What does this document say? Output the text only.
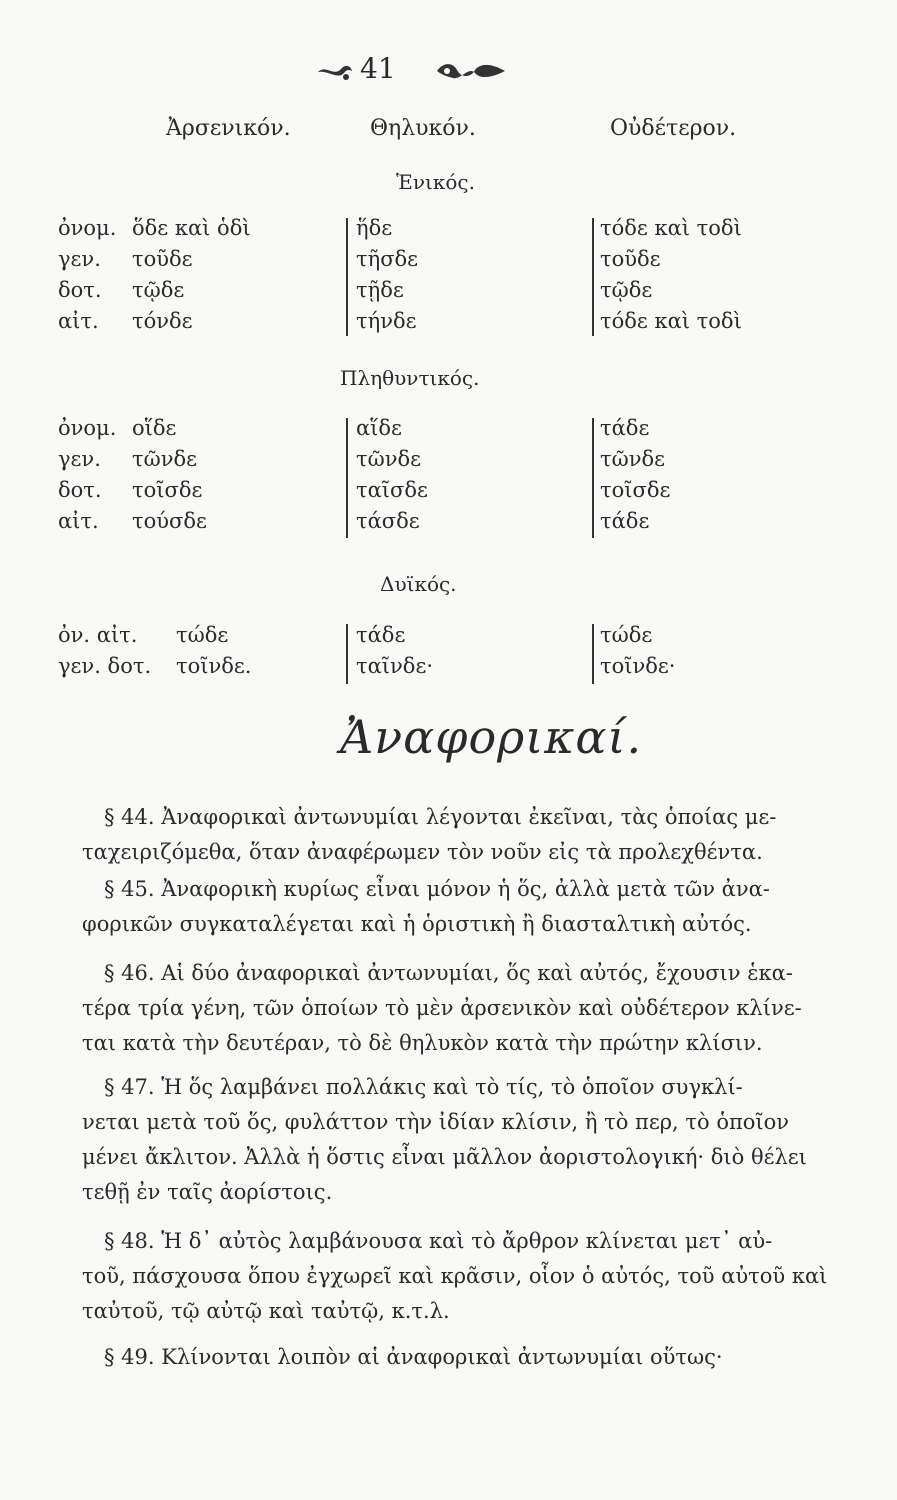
41
Ἀρσενικόν.	Θηλυκόν.	Οὐδέτερον.
Ἑνικός.
ὀνομ.
γεν.
δοτ.
αἰτ.
ὅδε καὶ ὁδὶ
τοῦδε
τῷδε
τόνδε
ἥδε
τῆσδε
τῇδε
τήνδε
τόδε καὶ τοδὶ
τοῦδε
τῷδε
τόδε καὶ τοδὶ
Πληθυντικός.
ὀνομ.
γεν.
δοτ.
αἰτ.
οἵδε
τῶνδε
τοῖσδε
τούσδε
αἵδε
τῶνδε
ταῖσδε
τάσδε
τάδε
τῶνδε
τοῖσδε
τάδε
Δυϊκός.
ὀν. αἰτ.
γεν. δοτ.
τώδε
τοῖνδε.
τάδε
ταῖνδε·
τώδε
τοῖνδε·
Ἀναφορικαί.
§ 44. Ἀναφορικαὶ ἀντωνυμίαι λέγονται ἐκεῖναι, τὰς ὁποίας με-
ταχειριζόμεθα, ὅταν ἀναφέρωμεν τὸν νοῦν εἰς τὰ προλεχθέντα.
§ 45. Ἀναφορικὴ κυρίως εἶναι μόνον ἡ ὅς, ἀλλὰ μετὰ τῶν ἀνα-
φορικῶν συγκαταλέγεται καὶ ἡ ὁριστικὴ ἢ διασταλτικὴ αὐτός.
§ 46. Αἱ δύο ἀναφορικαὶ ἀντωνυμίαι, ὅς καὶ αὐτός, ἔχουσιν ἑκα-
τέρα τρία γένη, τῶν ὁποίων τὸ μὲν ἀρσενικὸν καὶ οὐδέτερον κλίνε-
ται κατὰ τὴν δευτέραν, τὸ δὲ θηλυκὸν κατὰ τὴν πρώτην κλίσιν.
§ 47. Ἡ ὅς λαμβάνει πολλάκις καὶ τὸ τίς, τὸ ὁποῖον συγκλί-
νεται μετὰ τοῦ ὅς, φυλάττον τὴν ἰδίαν κλίσιν, ἢ τὸ περ, τὸ ὁποῖον
μένει ἄκλιτον. Ἀλλὰ ἡ ὅστις εἶναι μᾶλλον ἀοριστολογική· διὸ θέλει
τεθῇ ἐν ταῖς ἀορίστοις.
§ 48. Ἡ δ᾽ αὐτὸς λαμβάνουσα καὶ τὸ ἄρθρον κλίνεται μετ᾽ αὐ-
τοῦ, πάσχουσα ὅπου ἐγχωρεῖ καὶ κρᾶσιν, οἷον ὁ αὐτός, τοῦ αὐτοῦ καὶ
ταὐτοῦ, τῷ αὐτῷ καὶ ταὐτῷ, κ.τ.λ.
§ 49. Κλίνονται λοιπὸν αἱ ἀναφορικαὶ ἀντωνυμίαι οὕτως·
